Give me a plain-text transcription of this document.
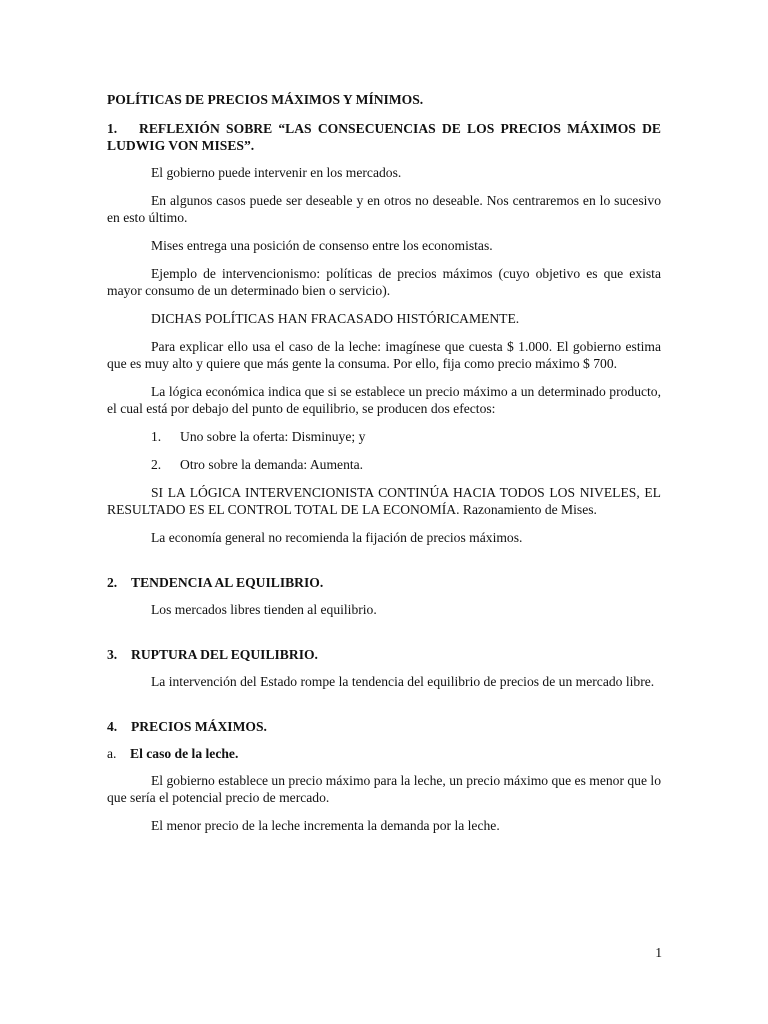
POLÍTICAS DE PRECIOS MÁXIMOS Y MÍNIMOS.
1. REFLEXIÓN SOBRE “LAS CONSECUENCIAS DE LOS PRECIOS MÁXIMOS DE LUDWIG VON MISES”.
El gobierno puede intervenir en los mercados.
En algunos casos puede ser deseable y en otros no deseable. Nos centraremos en lo sucesivo en esto último.
Mises entrega una posición de consenso entre los economistas.
Ejemplo de intervencionismo: políticas de precios máximos (cuyo objetivo es que exista mayor consumo de un determinado bien o servicio).
DICHAS POLÍTICAS HAN FRACASADO HISTÓRICAMENTE.
Para explicar ello usa el caso de la leche: imagínese que cuesta $ 1.000. El gobierno estima que es muy alto y quiere que más gente la consuma. Por ello, fija como precio máximo $ 700.
La lógica económica indica que si se establece un precio máximo a un determinado producto, el cual está por debajo del punto de equilibrio, se producen dos efectos:
1. Uno sobre la oferta: Disminuye; y
2. Otro sobre la demanda: Aumenta.
SI LA LÓGICA INTERVENCIONISTA CONTINÚA HACIA TODOS LOS NIVELES, EL RESULTADO ES EL CONTROL TOTAL DE LA ECONOMÍA. Razonamiento de Mises.
La economía general no recomienda la fijación de precios máximos.
2. TENDENCIA AL EQUILIBRIO.
Los mercados libres tienden al equilibrio.
3. RUPTURA DEL EQUILIBRIO.
La intervención del Estado rompe la tendencia del equilibrio de precios de un mercado libre.
4. PRECIOS MÁXIMOS.
a. El caso de la leche.
El gobierno establece un precio máximo para la leche, un precio máximo que es menor que lo que sería el potencial precio de mercado.
El menor precio de la leche incrementa la demanda por la leche.
1
